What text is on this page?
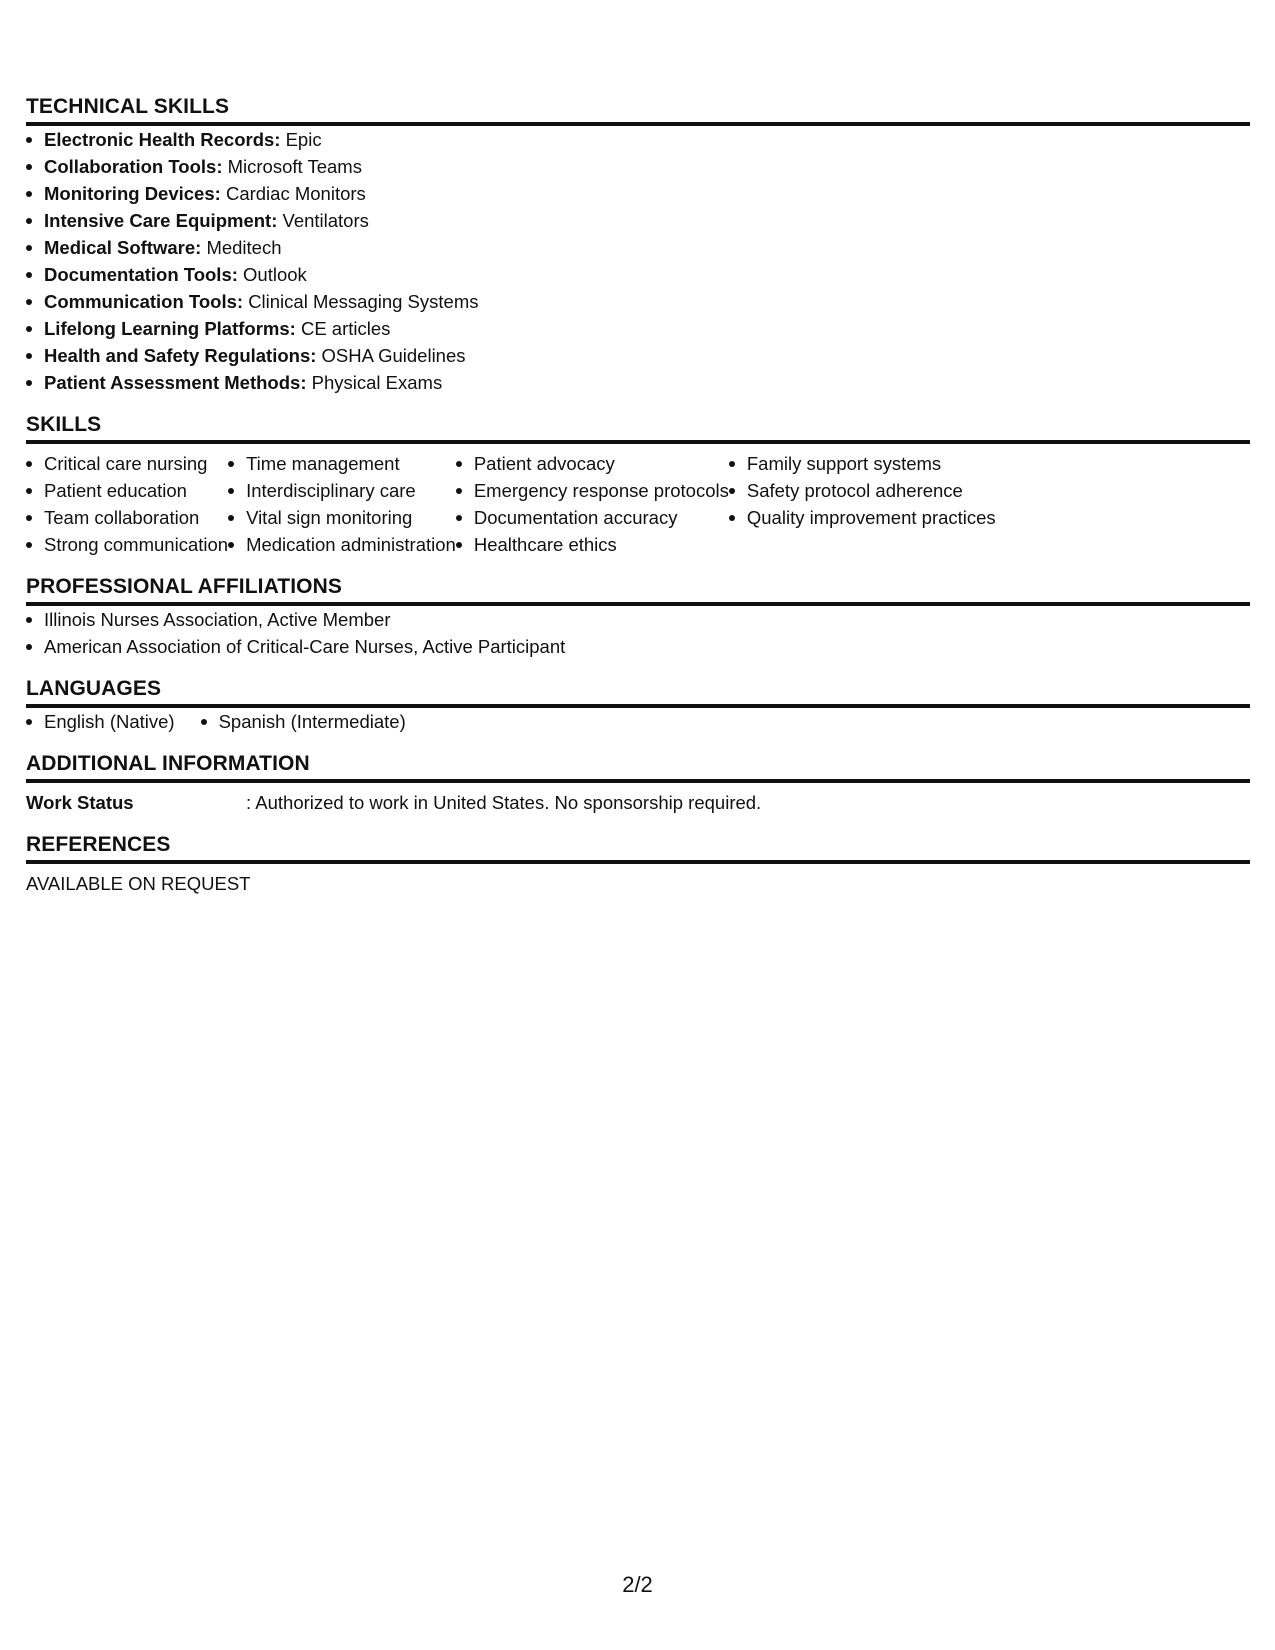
TECHNICAL SKILLS
Electronic Health Records: Epic
Collaboration Tools: Microsoft Teams
Monitoring Devices: Cardiac Monitors
Intensive Care Equipment: Ventilators
Medical Software: Meditech
Documentation Tools: Outlook
Communication Tools: Clinical Messaging Systems
Lifelong Learning Platforms: CE articles
Health and Safety Regulations: OSHA Guidelines
Patient Assessment Methods: Physical Exams
SKILLS
Critical care nursing
Patient education
Team collaboration
Strong communication
Time management
Interdisciplinary care
Vital sign monitoring
Medication administration
Patient advocacy
Emergency response protocols
Documentation accuracy
Healthcare ethics
Family support systems
Safety protocol adherence
Quality improvement practices
PROFESSIONAL AFFILIATIONS
Illinois Nurses Association, Active Member
American Association of Critical-Care Nurses, Active Participant
LANGUAGES
English (Native)	Spanish (Intermediate)
ADDITIONAL INFORMATION
Work Status	: Authorized to work in United States. No sponsorship required.
REFERENCES
AVAILABLE ON REQUEST
2/2
